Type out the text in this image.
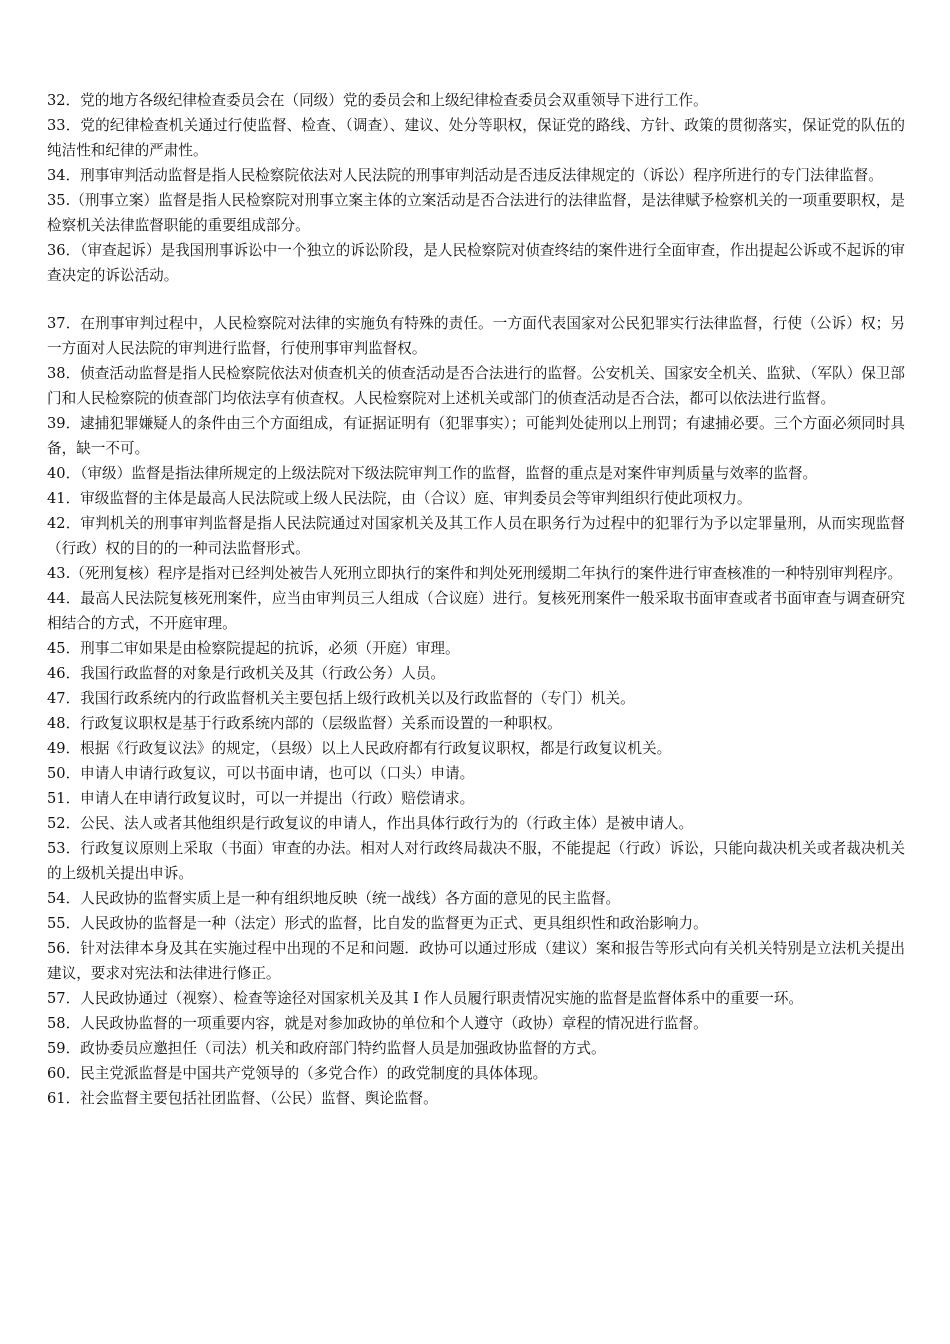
32．党的地方各级纪律检查委员会在（同级）党的委员会和上级纪律检查委员会双重领导下进行工作。

33．党的纪律检查机关通过行使监督、检查、（调查）、建议、处分等职权，保证党的路线、方针、政策的贯彻落实，保证党的队伍的纯洁性和纪律的严肃性。

34．刑事审判活动监督是指人民检察院依法对人民法院的刑事审判活动是否违反法律规定的（诉讼）程序所进行的专门法律监督。

35.（刑事立案）监督是指人民检察院对刑事立案主体的立案活动是否合法进行的法律监督，是法律赋予检察机关的一项重要职权，是检察机关法律监督职能的重要组成部分。

36．（审查起诉）是我国刑事诉讼中一个独立的诉讼阶段，是人民检察院对侦查终结的案件进行全面审查，作出提起公诉或不起诉的审查决定的诉讼活动。

37．在刑事审判过程中，人民检察院对法律的实施负有特殊的责任。一方面代表国家对公民犯罪实行法律监督，行使（公诉）权；另一方面对人民法院的审判进行监督，行使刑事审判监督权。

38．侦查活动监督是指人民检察院依法对侦查机关的侦查活动是否合法进行的监督。公安机关、国家安全机关、监狱、（军队）保卫部门和人民检察院的侦查部门均依法享有侦查权。人民检察院对上述机关或部门的侦查活动是否合法，都可以依法进行监督。

39．逮捕犯罪嫌疑人的条件由三个方面组成，有证据证明有（犯罪事实）；可能判处徒刑以上刑罚；有逮捕必要。三个方面必须同时具备，缺一不可。

40．（审级）监督是指法律所规定的上级法院对下级法院审判工作的监督，监督的重点是对案件审判质量与效率的监督。

41．审级监督的主体是最高人民法院或上级人民法院，由（合议）庭、审判委员会等审判组织行使此项权力。

42．审判机关的刑事审判监督是指人民法院通过对国家机关及其工作人员在职务行为过程中的犯罪行为予以定罪量刑，从而实现监督（行政）权的目的的一种司法监督形式。

43.（死刑复核）程序是指对已经判处被告人死刑立即执行的案件和判处死刑缓期二年执行的案件进行审查核准的一种特别审判程序。

44．最高人民法院复核死刑案件，应当由审判员三人组成（合议庭）进行。复核死刑案件一般采取书面审查或者书面审查与调查研究相结合的方式，不开庭审理。

45．刑事二审如果是由检察院提起的抗诉，必须（开庭）审理。

46．我国行政监督的对象是行政机关及其（行政公务）人员。

47．我国行政系统内的行政监督机关主要包括上级行政机关以及行政监督的（专门）机关。

48．行政复议职权是基于行政系统内部的（层级监督）关系而设置的一种职权。

49．根据《行政复议法》的规定，（县级）以上人民政府都有行政复议职权，都是行政复议机关。

50．申请人申请行政复议，可以书面申请，也可以（口头）申请。

51．申请人在申请行政复议时，可以一并提出（行政）赔偿请求。

52．公民、法人或者其他组织是行政复议的申请人，作出具体行政行为的（行政主体）是被申请人。

53．行政复议原则上采取（书面）审查的办法。相对人对行政终局裁决不服，不能提起（行政）诉讼，只能向裁决机关或者裁决机关的上级机关提出申诉。

54．人民政协的监督实质上是一种有组织地反映（统一战线）各方面的意见的民主监督。

55．人民政协的监督是一种（法定）形式的监督，比自发的监督更为正式、更具组织性和政治影响力。

56．针对法律本身及其在实施过程中出现的不足和问题．政协可以通过形成（建议）案和报告等形式向有关机关特别是立法机关提出建议，要求对宪法和法律进行修正。

57．人民政协通过（视察）、检查等途径对国家机关及其 I 作人员履行职责情况实施的监督是监督体系中的重要一环。

58．人民政协监督的一项重要内容，就是对参加政协的单位和个人遵守（政协）章程的情况进行监督。

59．政协委员应邀担任（司法）机关和政府部门特约监督人员是加强政协监督的方式。

60．民主党派监督是中国共产党领导的（多党合作）的政党制度的具体体现。

61．社会监督主要包括社团监督、（公民）监督、舆论监督。
